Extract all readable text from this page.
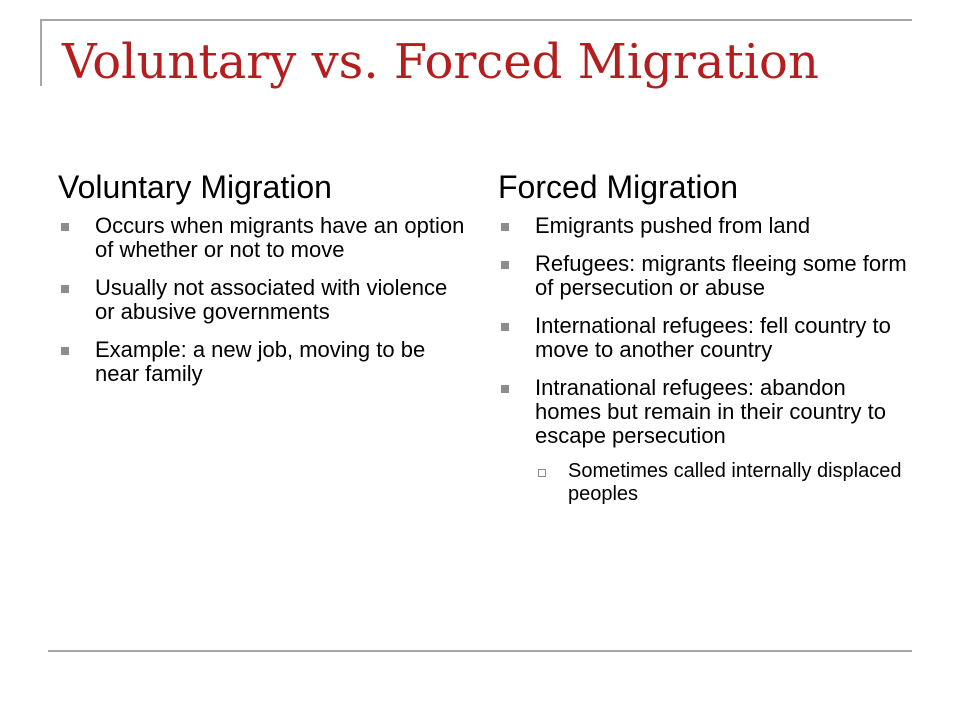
Voluntary vs. Forced Migration
Voluntary Migration
Occurs when migrants have an option of whether or not to move
Usually not associated with violence or abusive governments
Example: a new job, moving to be near family
Forced Migration
Emigrants pushed from land
Refugees: migrants fleeing some form of persecution or abuse
International refugees: fell country to move to another country
Intranational refugees: abandon homes but remain in their country to escape persecution
Sometimes called internally displaced peoples
